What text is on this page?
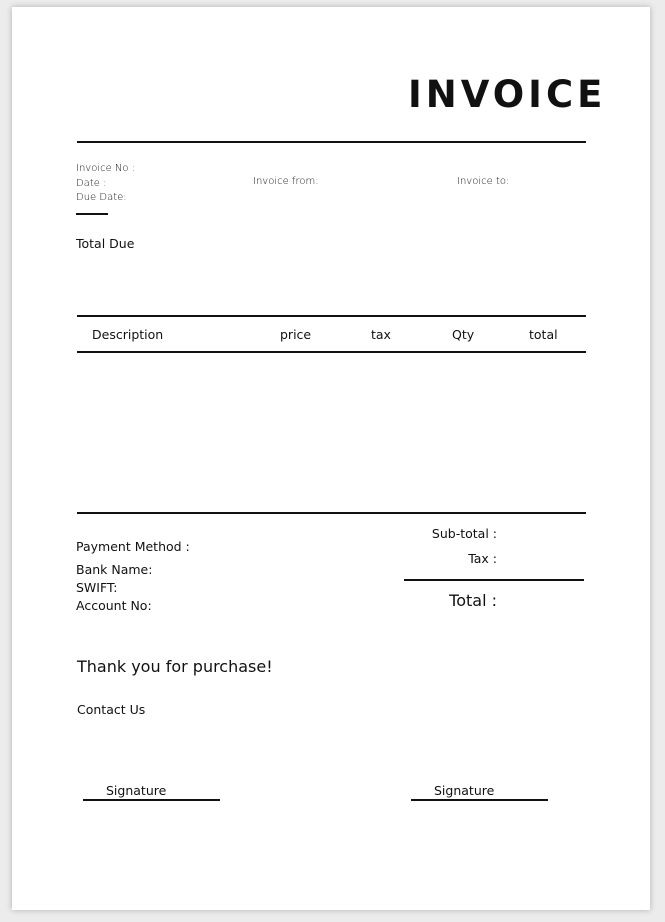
INVOICE
Invoice No :
Date :
Due Date:
Invoice from:	Invoice to:
Total Due
Description	price	tax	Qty	total
Payment Method :
Bank Name:
SWIFT:
Account No:
Sub-total :
Tax :
Total :
Thank you for purchase!
Contact Us
Signature	Signature
